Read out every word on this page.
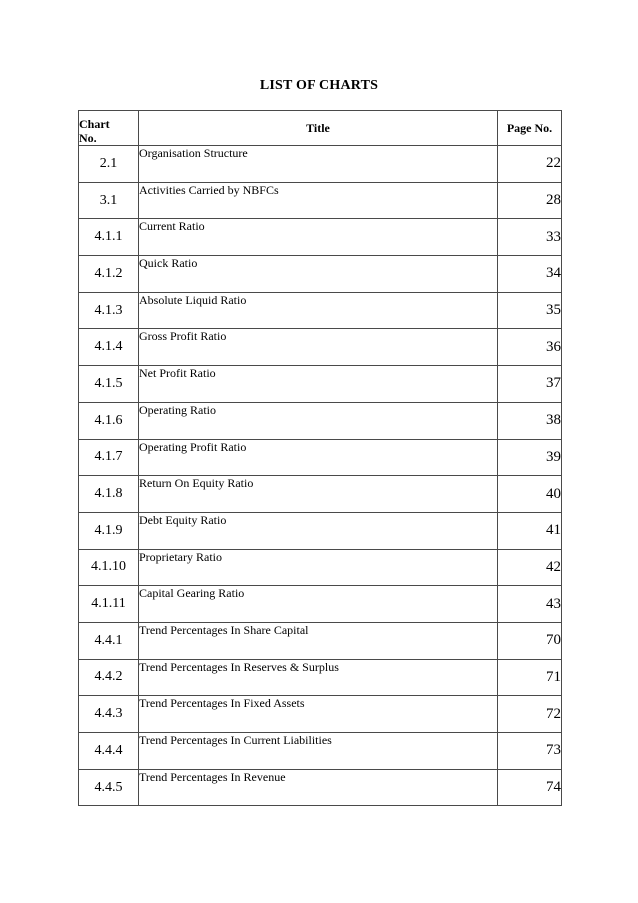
LIST OF CHARTS
Chart
No.	Title	Page No.
2.1	Organisation Structure	22
3.1	Activities Carried by NBFCs	28
4.1.1	Current Ratio	33
4.1.2	Quick Ratio	34
4.1.3	Absolute Liquid Ratio	35
4.1.4	Gross Profit Ratio	36
4.1.5	Net Profit Ratio	37
4.1.6	Operating Ratio	38
4.1.7	Operating Profit Ratio	39
4.1.8	Return On Equity Ratio	40
4.1.9	Debt Equity Ratio	41
4.1.10	Proprietary Ratio	42
4.1.11	Capital Gearing Ratio	43
4.4.1	Trend Percentages In Share Capital	70
4.4.2	Trend Percentages In Reserves & Surplus	71
4.4.3	Trend Percentages In Fixed Assets	72
4.4.4	Trend Percentages In Current Liabilities	73
4.4.5	Trend Percentages In Revenue	74
